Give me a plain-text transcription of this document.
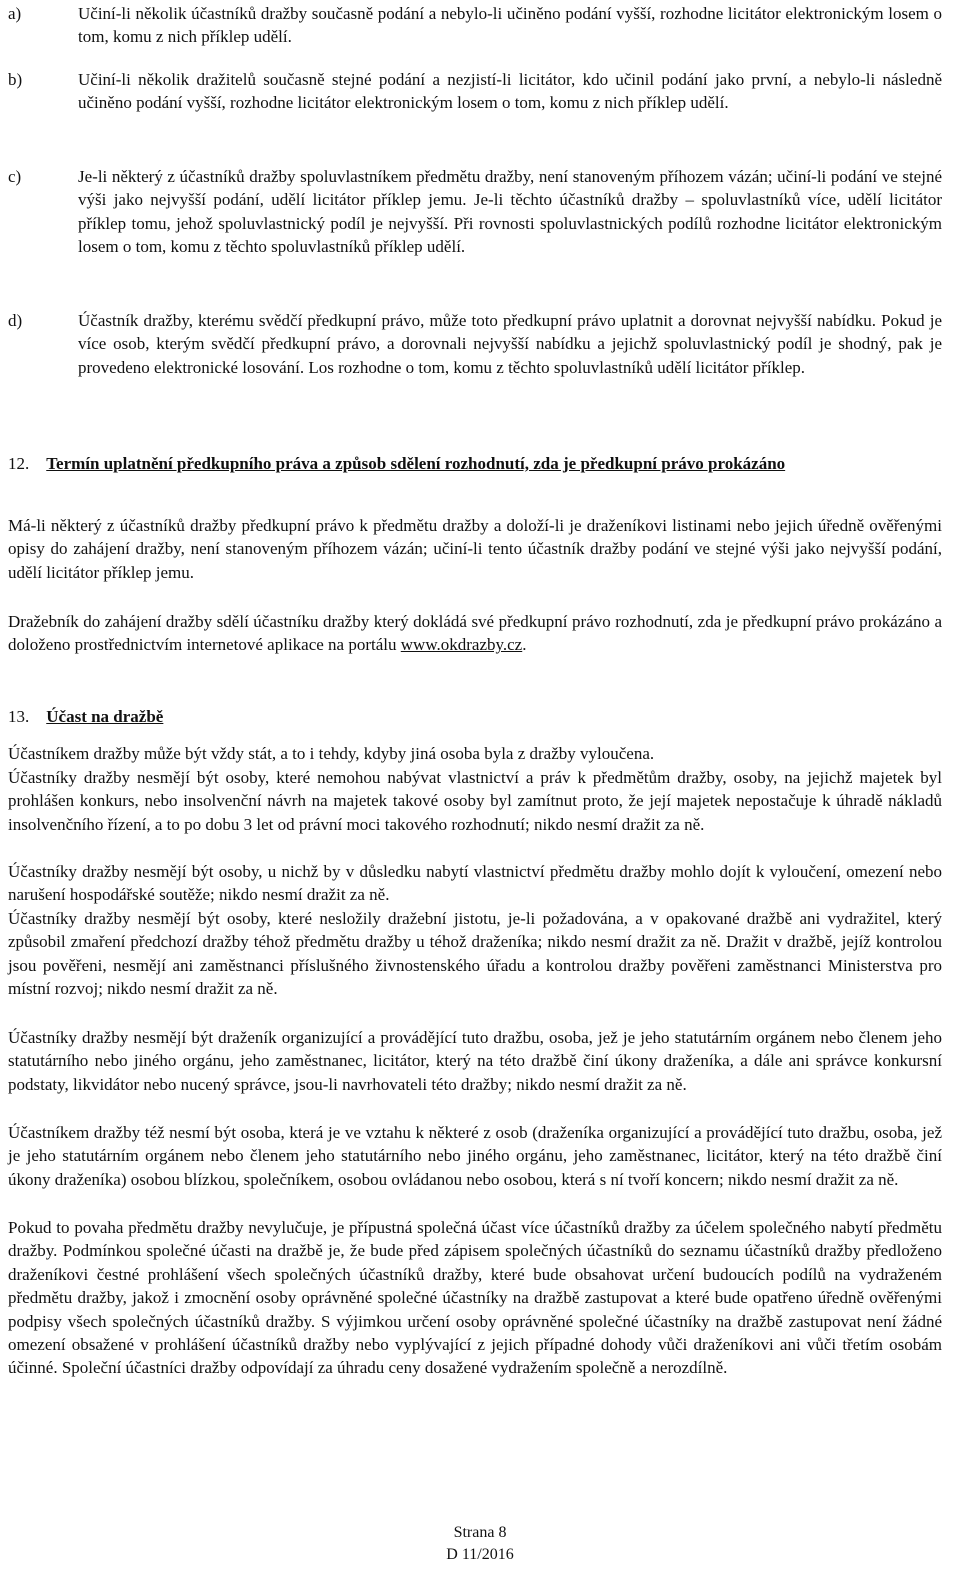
a)	Učiní-li několik účastníků dražby současně podání a nebylo-li učiněno podání vyšší, rozhodne licitátor elektronickým losem o tom, komu z nich příklep udělí.
b)	Učiní-li několik dražitelů současně stejné podání a nezjistí-li licitátor, kdo učinil podání jako první, a nebylo-li následně učiněno podání vyšší, rozhodne licitátor elektronickým losem o tom, komu z nich příklep udělí.
c)	Je-li některý z účastníků dražby spoluvlastníkem předmětu dražby, není stanoveným příhozem vázán; učiní-li podání ve stejné výši jako nejvyšší podání, udělí licitátor příklep jemu. Je-li těchto účastníků dražby – spoluvlastníků více, udělí licitátor příklep tomu, jehož spoluvlastnický podíl je nejvyšší. Při rovnosti spoluvlastnických podílů rozhodne licitátor elektronickým losem o tom, komu z těchto spoluvlastníků příklep udělí.
d)	Účastník dražby, kterému svědčí předkupní právo, může toto předkupní právo uplatnit a dorovnat nejvyšší nabídku. Pokud je více osob, kterým svědčí předkupní právo, a dorovnali nejvyšší nabídku a jejichž spoluvlastnický podíl je shodný, pak je provedeno elektronické losování. Los rozhodne o tom, komu z těchto spoluvlastníků udělí licitátor příklep.
12. Termín uplatnění předkupního práva a způsob sdělení rozhodnutí, zda je předkupní právo prokázáno
Má-li některý z účastníků dražby předkupní právo k předmětu dražby a doloží-li je draženíkovi listinami nebo jejich úředně ověřenými opisy do zahájení dražby, není stanoveným příhozem vázán; učiní-li tento účastník dražby podání ve stejné výši jako nejvyšší podání, udělí licitátor příklep jemu.
Dražebník do zahájení dražby sdělí účastníku dražby který dokládá své předkupní právo rozhodnutí, zda je předkupní právo prokázáno a doloženo prostřednictvím internetové aplikace na portálu www.okdrazby.cz.
13. Účast na dražbě
Účastníkem dražby může být vždy stát, a to i tehdy, kdyby jiná osoba byla z dražby vyloučena.
Účastníky dražby nesmějí být osoby, které nemohou nabývat vlastnictví a práv k předmětům dražby, osoby, na jejichž majetek byl prohlášen konkurs, nebo insolvenční návrh na majetek takové osoby byl zamítnut proto, že její majetek nepostačuje k úhradě nákladů insolvenčního řízení, a to po dobu 3 let od právní moci takového rozhodnutí; nikdo nesmí dražit za ně.
Účastníky dražby nesmějí být osoby, u nichž by v důsledku nabytí vlastnictví předmětu dražby mohlo dojít k vyloučení, omezení nebo narušení hospodářské soutěže; nikdo nesmí dražit za ně.
Účastníky dražby nesmějí být osoby, které nesložily dražební jistotu, je-li požadována, a v opakované dražbě ani vydražitel, který způsobil zmaření předchozí dražby téhož předmětu dražby u téhož draženíka; nikdo nesmí dražit za ně. Dražit v dražbě, jejíž kontrolou jsou pověřeni, nesmějí ani zaměstnanci příslušného živnostenského úřadu a kontrolou dražby pověřeni zaměstnanci Ministerstva pro místní rozvoj; nikdo nesmí dražit za ně.
Účastníky dražby nesmějí být draženík organizující a provádějící tuto dražbu, osoba, jež je jeho statutárním orgánem nebo členem jeho statutárního nebo jiného orgánu, jeho zaměstnanec, licitátor, který na této dražbě činí úkony draženíka, a dále ani správce konkursní podstaty, likvidátor nebo nucený správce, jsou-li navrhovateli této dražby; nikdo nesmí dražit za ně.
Účastníkem dražby též nesmí být osoba, která je ve vztahu k některé z osob (draženíka organizující a provádějící tuto dražbu, osoba, jež je jeho statutárním orgánem nebo členem jeho statutárního nebo jiného orgánu, jeho zaměstnanec, licitátor, který na této dražbě činí úkony draženíka) osobou blízkou, společníkem, osobou ovládanou nebo osobou, která s ní tvoří koncern; nikdo nesmí dražit za ně.
Pokud to povaha předmětu dražby nevylučuje, je přípustná společná účast více účastníků dražby za účelem společného nabytí předmětu dražby. Podmínkou společné účasti na dražbě je, že bude před zápisem společných účastníků do seznamu účastníků dražby předloženo draženíkovi čestné prohlášení všech společných účastníků dražby, které bude obsahovat určení budoucích podílů na vydraženém předmětu dražby, jakož i zmocnění osoby oprávněné společné účastníky na dražbě zastupovat a které bude opatřeno úředně ověřenými podpisy všech společných účastníků dražby. S výjimkou určení osoby oprávněné společné účastníky na dražbě zastupovat není žádné omezení obsažené v prohlášení účastníků dražby nebo vyplývající z jejich případné dohody vůči draženíkovi ani vůči třetím osobám účinné. Společní účastníci dražby odpovídají za úhradu ceny dosažené vydražením společně a nerozdílně.
Strana 8
D 11/2016
